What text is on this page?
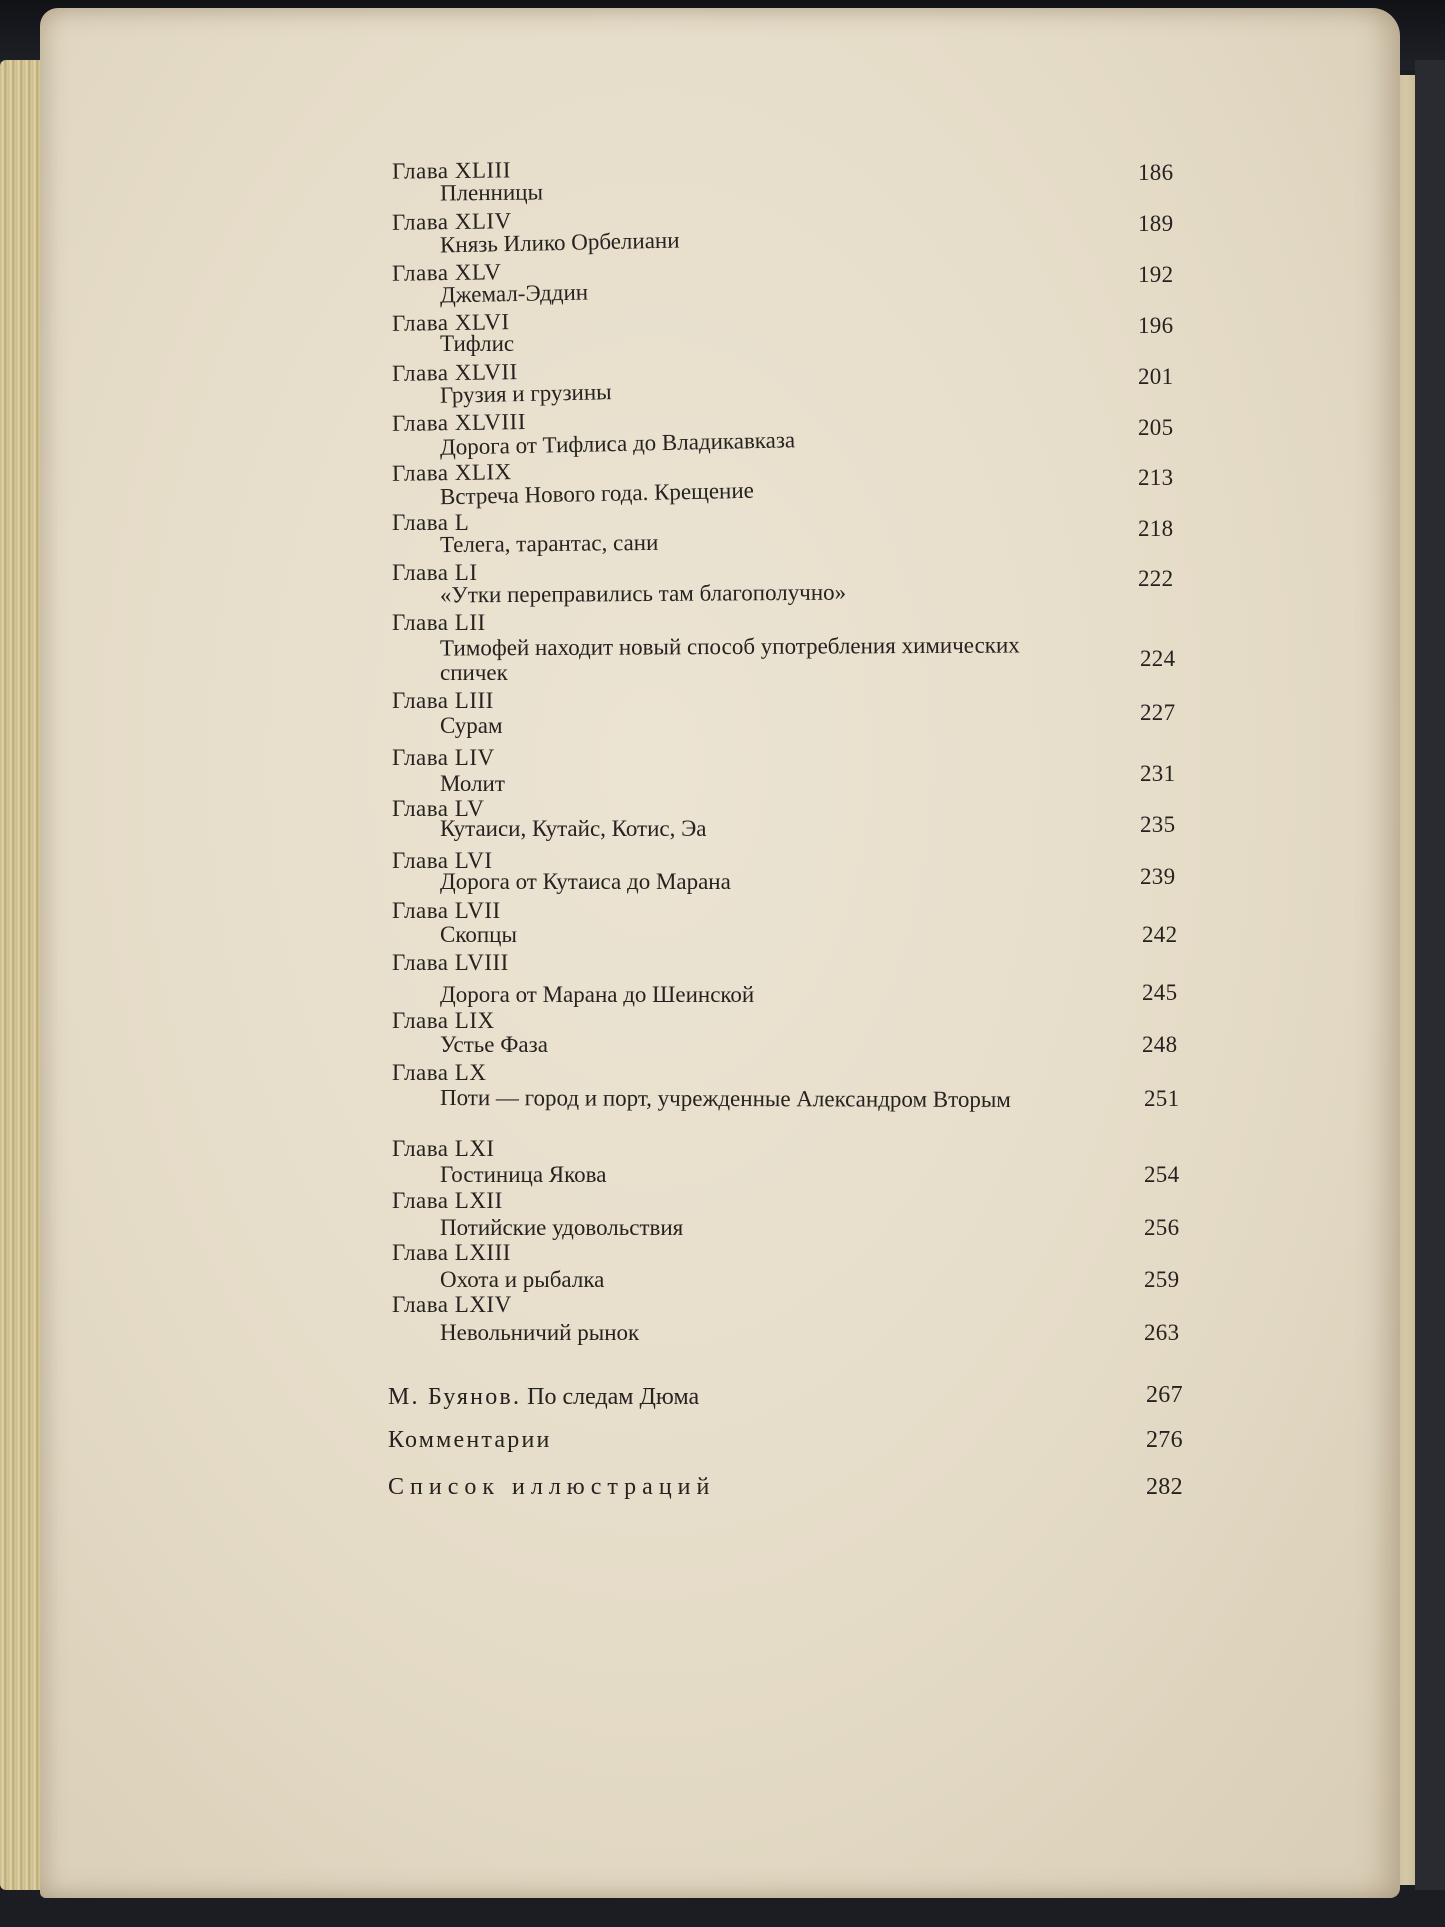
Глава XLIII
Пленницы
186
Глава XLIV
Князь Илико Орбелиани
189
Глава XLV
Джемал-Эддин
192
Глава XLVI
Тифлис
196
Глава XLVII
Грузия и грузины
201
Глава XLVIII
Дорога от Тифлиса до Владикавказа	205
Глава XLIX
Встреча Нового года. Крещение
213
Глава L
Телега, тарантас, сани
218
Глава LI
«Утки переправились там благополучно»
222
Глава LII
Тимофей находит новый способ употребления химических
спичек
224
Глава LIII
Сурам
227
Глава LIV
Молит	231
Глава LV
Кутаиси, Кутайс, Котис, Эа	235
Глава LVI
Дорога от Кутаиса до Марана	239
Глава LVII
Скопцы	242
Глава LVIII
Дорога от Марана до Шеинской	245
Глава LIX
Устье Фаза	248
Глава LX
Поти — город и порт, учрежденные Александром Вторым	251
Глава LXI
Гостиница Якова	254
Глава LXII
Потийские удовольствия	256
Глава LXIII
Охота и рыбалка	259
Глава LXIV
Невольничий рынок	263
М. Буянов. По следам Дюма	267
Комментарии	276
Список иллюстраций	282
